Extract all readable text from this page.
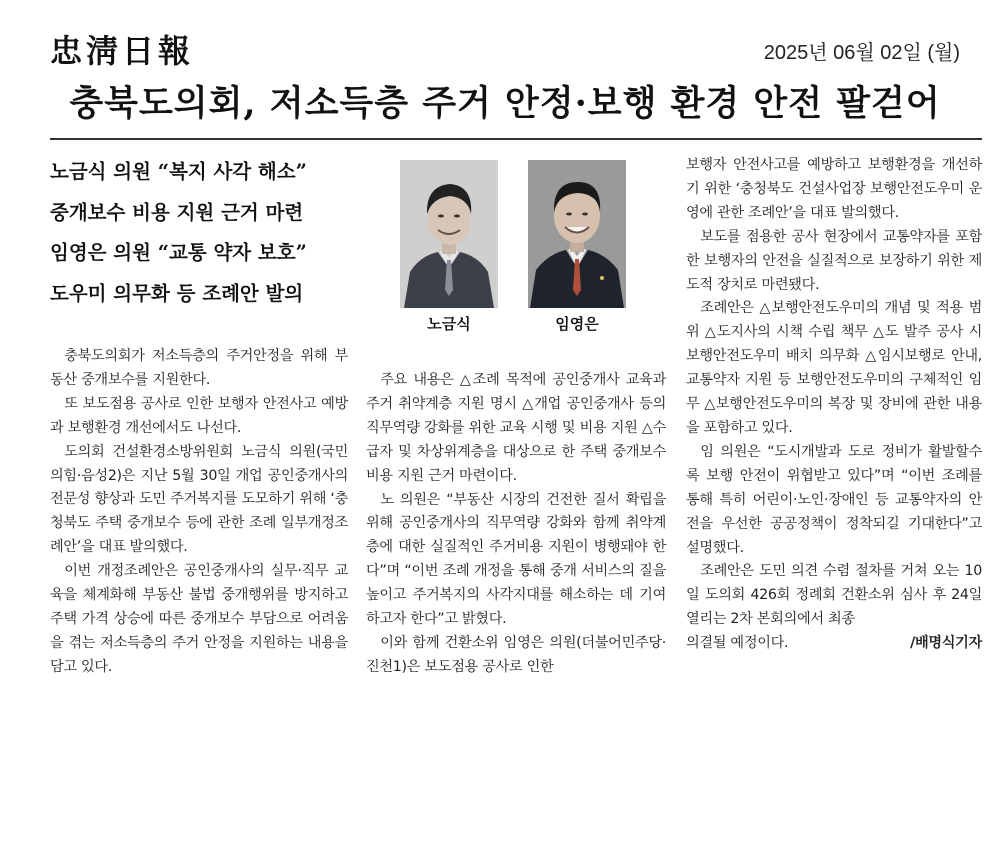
忠淸日報	2025년 06월 02일 (월)
충북도의회, 저소득층 주거 안정·보행 환경 안전 팔걷어
노금식 의원 “복지 사각 해소”
중개보수 비용 지원 근거 마련
임영은 의원 “교통 약자 보호”
도우미 의무화 등 조례안 발의
노금식	임영은

충북도의회가 저소득층의 주거안정을 위해 부동산 중개보수를 지원한다.

또 보도점용 공사로 인한 보행자 안전사고 예방과 보행환경 개선에서도 나선다.

도의회 건설환경소방위원회 노금식 의원(국민의힘·음성2)은 지난 5월 30일 개업 공인중개사의 전문성 향상과 도민 주거복지를 도모하기 위해 ‘충청북도 주택 중개보수 등에 관한 조례 일부개정조례안’을 대표 발의했다.

이번 개정조례안은 공인중개사의 실무·직무 교육을 체계화해 부동산 불법 중개행위를 방지하고 주택 가격 상승에 따른 중개보수 부담으로 어려움을 겪는 저소득층의 주거 안정을 지원하는 내용을 담고 있다.

주요 내용은 △조례 목적에 공인중개사 교육과 주거 취약계층 지원 명시 △개업 공인중개사 등의 직무역량 강화를 위한 교육 시행 및 비용 지원 △수급자 및 차상위계층을 대상으로 한 주택 중개보수 비용 지원 근거 마련이다.

노 의원은 “부동산 시장의 건전한 질서 확립을 위해 공인중개사의 직무역량 강화와 함께 취약계층에 대한 실질적인 주거비용 지원이 병행돼야 한다”며 “이번 조례 개정을 통해 중개 서비스의 질을 높이고 주거복지의 사각지대를 해소하는 데 기여하고자 한다”고 밝혔다.

이와 함께 건환소위 임영은 의원(더불어민주당·진천1)은 보도점용 공사로 인한

보행자 안전사고를 예방하고 보행환경을 개선하기 위한 ‘충청북도 건설사업장 보행안전도우미 운영에 관한 조례안’을 대표 발의했다.

보도를 점용한 공사 현장에서 교통약자를 포함한 보행자의 안전을 실질적으로 보장하기 위한 제도적 장치로 마련됐다.

조례안은 △보행안전도우미의 개념 및 적용 범위 △도지사의 시책 수립 책무 △도 발주 공사 시 보행안전도우미 배치 의무화 △임시보행로 안내, 교통약자 지원 등 보행안전도우미의 구체적인 임무 △보행안전도우미의 복장 및 장비에 관한 내용을 포함하고 있다.

임 의원은 “도시개발과 도로 정비가 활발할수록 보행 안전이 위협받고 있다”며 “이번 조례를 통해 특히 어린이·노인·장애인 등 교통약자의 안전을 우선한 공공정책이 정착되길 기대한다”고 설명했다.

조례안은 도민 의견 수렴 절차를 거쳐 오는 10일 도의회 426회 정례회 건환소위 심사 후 24일 열리는 2차 본회의에서 최종

의결될 예정이다.	/배명식기자
